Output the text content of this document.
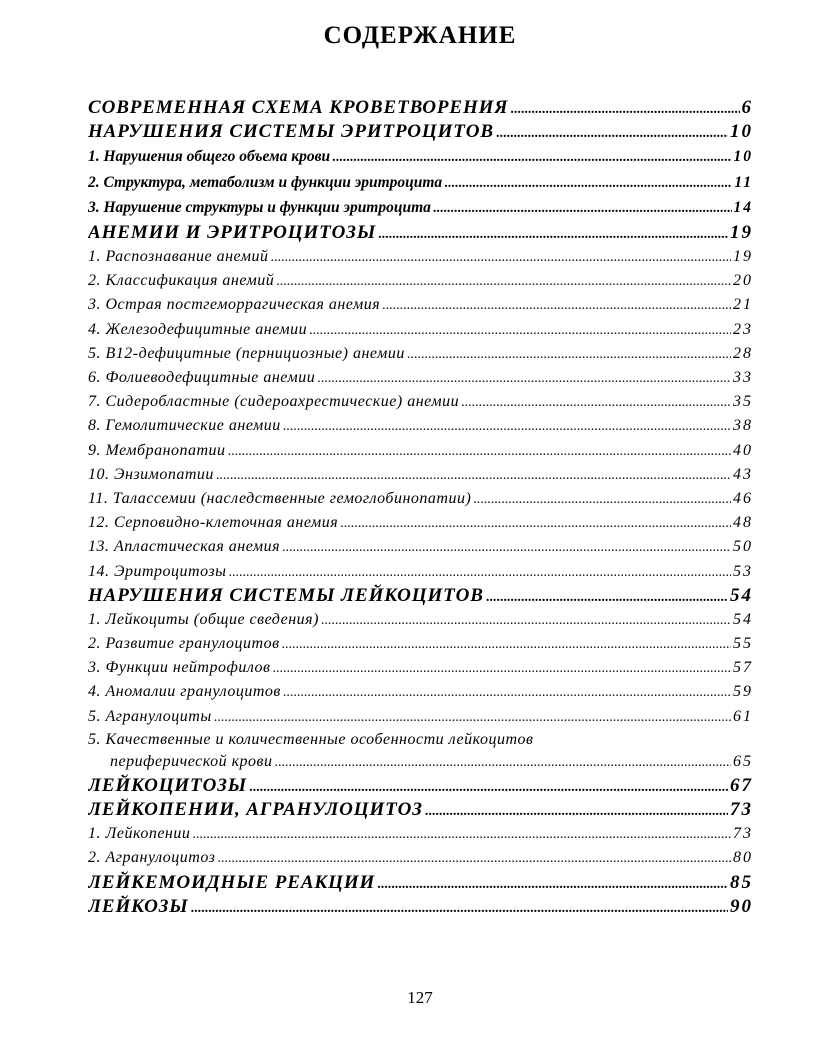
СОДЕРЖАНИЕ
СОВРЕМЕННАЯ СХЕМА КРОВЕТВОРЕНИЯ .....	6
НАРУШЕНИЯ СИСТЕМЫ ЭРИТРОЦИТОВ .....	10
1. Нарушения общего объема крови .....	10
2. Структура, метаболизм и функции эритроцита .....	11
3. Нарушение структуры и функции эритроцита .....	14
АНЕМИИ И ЭРИТРОЦИТОЗЫ .....	19
1. Распознавание анемий .....	19
2. Классификация анемий .....	20
3. Острая постгеморрагическая анемия .....	21
4. Железодефицитные анемии .....	23
5. В12-дефицитные (пернициозные) анемии .....	28
6. Фолиеводефицитные анемии .....	33
7. Сидеробластные (сидероахрестические) анемии .....	35
8. Гемолитические анемии .....	38
9. Мембранопатии .....	40
10. Энзимопатии .....	43
11. Талассемии (наследственные гемоглобинопатии) .....	46
12. Серповидно-клеточная анемия .....	48
13. Апластическая анемия .....	50
14. Эритроцитозы .....	53
НАРУШЕНИЯ СИСТЕМЫ ЛЕЙКОЦИТОВ .....	54
1. Лейкоциты (общие сведения) .....	54
2. Развитие гранулоцитов .....	55
3. Функции нейтрофилов .....	57
4. Аномалии гранулоцитов .....	59
5. Агранулоциты .....	61
5. Качественные и количественные особенности лейкоцитов
периферической крови .....	65
ЛЕЙКОЦИТОЗЫ .....	67
ЛЕЙКОПЕНИИ, АГРАНУЛОЦИТОЗ .....	73
1. Лейкопении .....	73
2. Агранулоцитоз .....	80
ЛЕЙКЕМОИДНЫЕ РЕАКЦИИ .....	85
ЛЕЙКОЗЫ .....	90
127
